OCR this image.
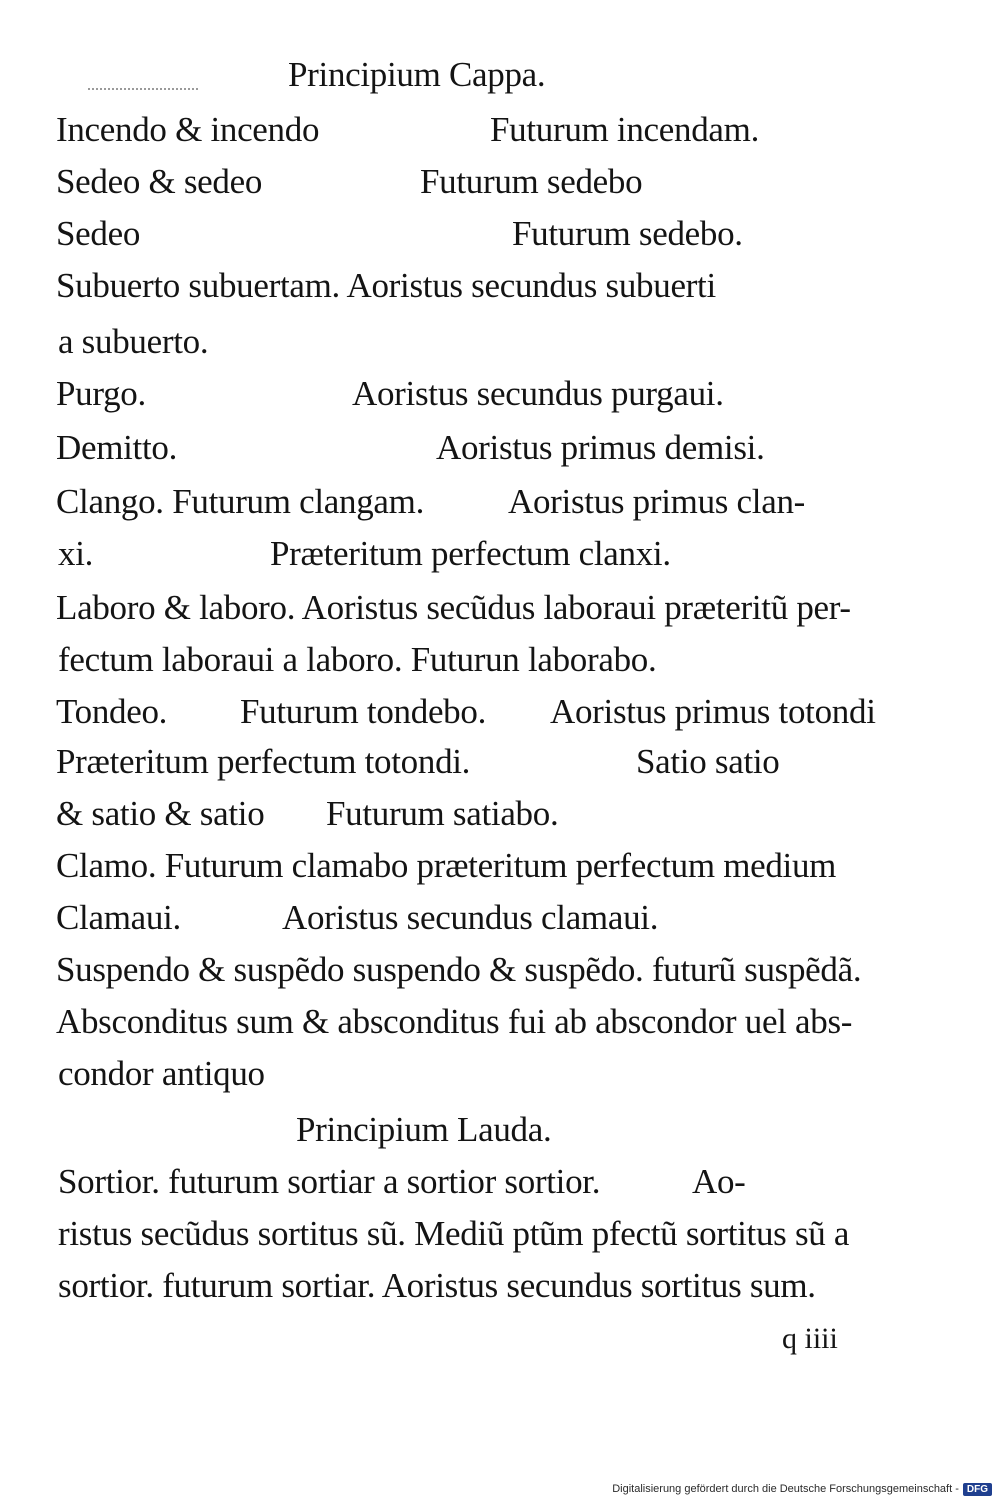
Principium Cappa.
Incendo & incendo	Futurum incendam.
Sedeo & sedeo	Futurum sedebo
Sedeo	Futurum sedebo.
Subuerto subuertam. Aoristus secundus subuerti
a subuerto.
Purgo.	Aoristus secundus purgaui.
Demitto.	Aoristus primus demisi.
Clango. Futurum clangam. Aoristus primus clan-
xi.	Præteritum perfectum clanxi.
Laboro & laboro. Aoristus secũdus laboraui præteritũ per-
fectum laboraui a laboro. Futurun laborabo.
Tondeo. Futurum tondebo. Aoristus primus totondi
Præteritum perfectum totondi.	Satio satio
& satio & satio Futurum satiabo.
Clamo. Futurum clamabo præteritum perfectum medium
Clamaui.	Aoristus secundus clamaui.
Suspendo & suspẽdo suspendo & suspẽdo. futurũ suspẽdã.
Absconditus sum & absconditus fui ab abscondor uel abs-
condor antiquo
Principium Lauda.
Sortior. futurum sortiar a sortior sortior.	Ao-
ristus secũdus sortitus sũ. Mediũ ptũm pfectũ sortitus sũ a
sortior. futurum sortiar. Aoristus secundus sortitus sum.
q iiii
Digitalisierung gefördert durch die Deutsche Forschungsgemeinschaft - DFG
